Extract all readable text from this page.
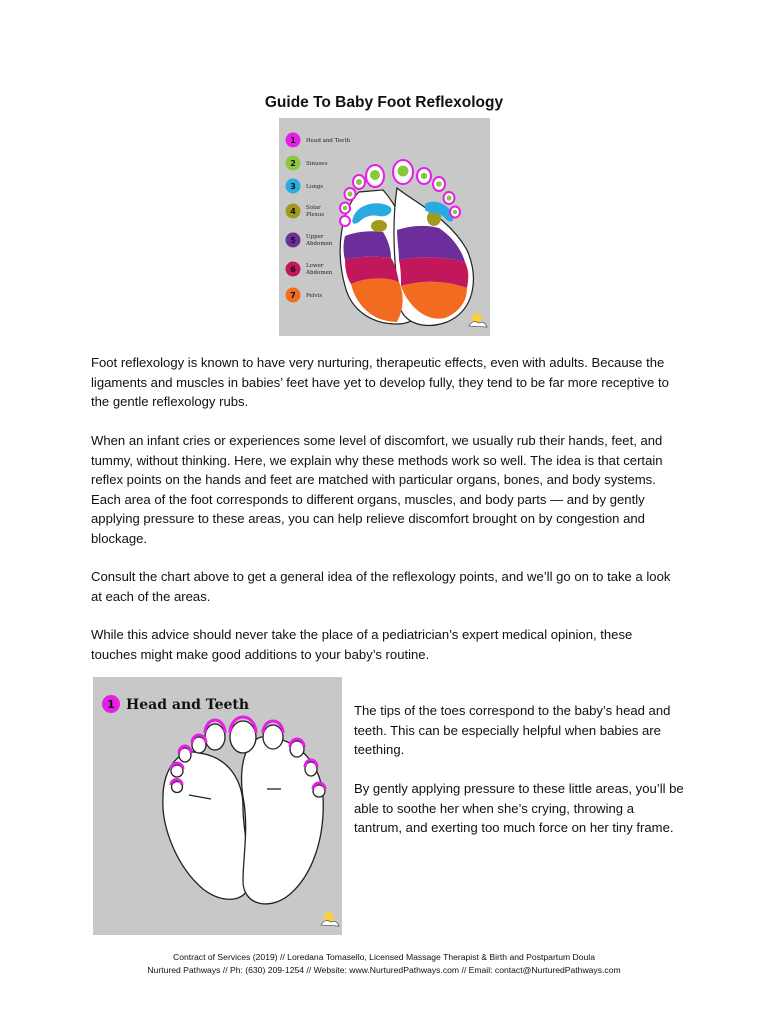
Guide To Baby Foot Reflexology
1 Head and Teeth
2 Sinuses
3 Lungs
4 Solar
Plexus
5 Upper
Abdomen
6 Lower
Abdomen
7 Pelvis

Foot reflexology is known to have very nurturing, therapeutic effects, even with adults. Because the ligaments and muscles in babies’ feet have yet to develop fully, they tend to be far more receptive to the gentle reflexology rubs.

When an infant cries or experiences some level of discomfort, we usually rub their hands, feet, and tummy, without thinking. Here, we explain why these methods work so well. The idea is that certain reflex points on the hands and feet are matched with particular organs, bones, and body systems. Each area of the foot corresponds to different organs, muscles, and body parts — and by gently applying pressure to these areas, you can help relieve discomfort brought on by congestion and blockage.

Consult the chart above to get a general idea of the reflexology points, and we’ll go on to take a look at each of the areas.

While this advice should never take the place of a pediatrician’s expert medical opinion, these touches might make good additions to your baby’s routine.

1 Head and Teeth	The tips of the toes correspond to the baby’s head and teeth. This can be especially helpful when babies are teething.

By gently applying pressure to these little areas, you’ll be able to soothe her when she’s crying, throwing a tantrum, and exerting too much force on her tiny frame.

Contract of Services (2019) // Loredana Tomasello, Licensed Massage Therapist & Birth and Postpartum Doula
Nurtured Pathways // Ph: (630) 209-1254 // Website: www.NurturedPathways.com // Email: contact@NurturedPathways.com
